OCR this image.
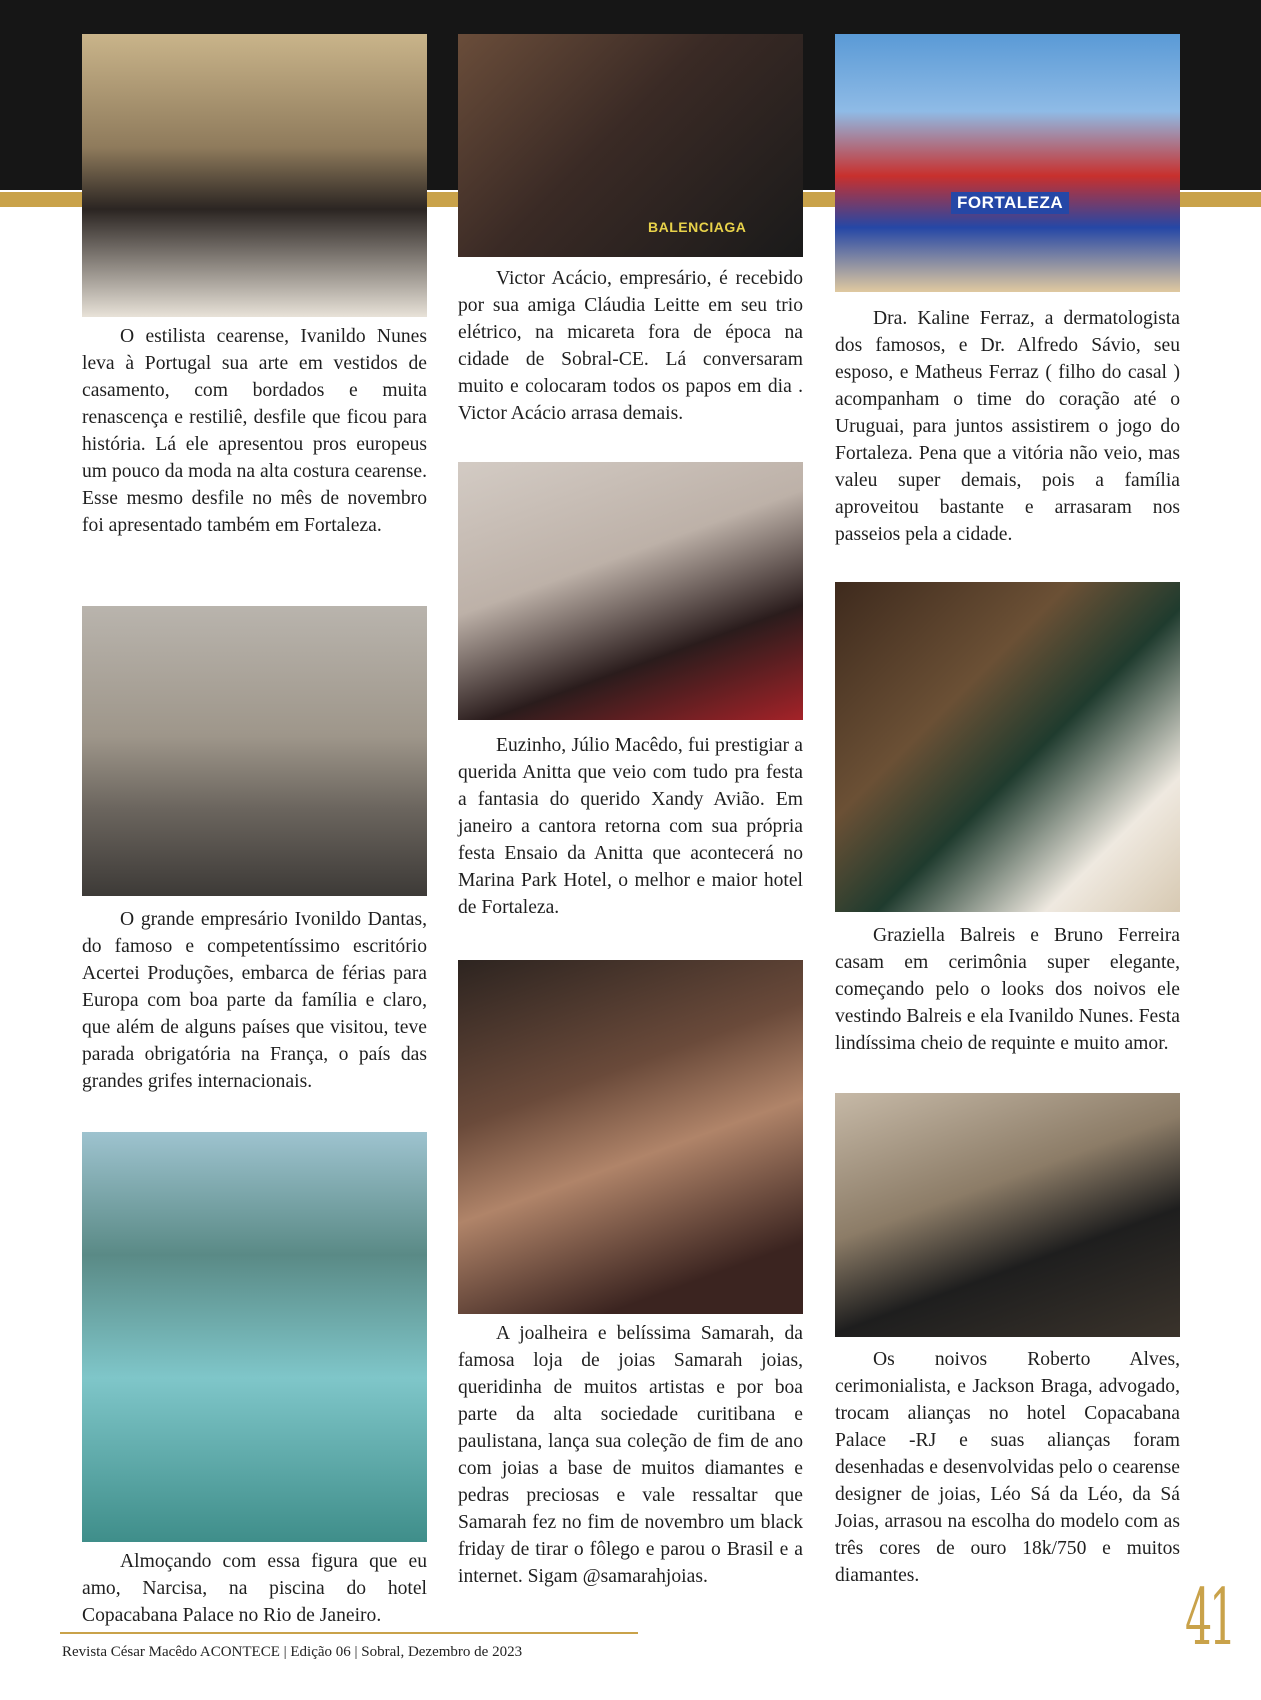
O estilista cearense, Ivanildo Nunes leva à Portugal sua arte em vestidos de casamento, com bordados e muita renascença e restiliê, desfile que ficou para história. Lá ele apresentou pros europeus um pouco da moda na alta costura cearense. Esse mesmo desfile no mês de novembro foi apresentado também em Fortaleza.

O grande empresário Ivonildo Dantas, do famoso e competentíssimo escritório Acertei Produções, embarca de férias para Europa com boa parte da família e claro, que além de alguns países que visitou, teve parada obrigatória na França, o país das grandes grifes internacionais.

Almoçando com essa figura que eu amo, Narcisa, na piscina do hotel Copacabana Palace no Rio de Janeiro.

BALENCIAGA

Victor Acácio, empresário, é recebido por sua amiga Cláudia Leitte em seu trio elétrico, na micareta fora de época na cidade de Sobral-CE. Lá conversaram muito e colocaram todos os papos em dia . Victor Acácio arrasa demais.

Euzinho, Júlio Macêdo, fui prestigiar a querida Anitta que veio com tudo pra festa a fantasia do querido Xandy Avião. Em janeiro a cantora retorna com sua própria festa Ensaio da Anitta que acontecerá no Marina Park Hotel, o melhor e maior hotel de Fortaleza.

A joalheira e belíssima Samarah, da famosa loja de joias Samarah joias, queridinha de muitos artistas e por boa parte da alta sociedade curitibana e paulistana, lança sua coleção de fim de ano com joias a base de muitos diamantes e pedras preciosas e vale ressaltar que Samarah fez no fim de novembro um black friday de tirar o fôlego e parou o Brasil e a internet. Sigam @samarahjoias.

FORTALEZA

Dra. Kaline Ferraz, a dermatologista dos famosos, e Dr. Alfredo Sávio, seu esposo, e Matheus Ferraz ( filho do casal ) acompanham o time do coração até o Uruguai, para juntos assistirem o jogo do Fortaleza. Pena que a vitória não veio, mas valeu super demais, pois a família aproveitou bastante e arrasaram nos passeios pela a cidade.

Graziella Balreis e Bruno Ferreira casam em cerimônia super elegante, começando pelo o looks dos noivos ele vestindo Balreis e ela Ivanildo Nunes. Festa lindíssima cheio de requinte e muito amor.

Os noivos Roberto Alves, cerimonialista, e Jackson Braga, advogado, trocam alianças no hotel Copacabana Palace -RJ e suas alianças foram desenhadas e desenvolvidas pelo o cearense designer de joias, Léo Sá da Léo, da Sá Joias, arrasou na escolha do modelo com as três cores de ouro 18k/750 e muitos diamantes.

Revista César Macêdo ACONTECE | Edição 06 | Sobral, Dezembro de 2023	41
